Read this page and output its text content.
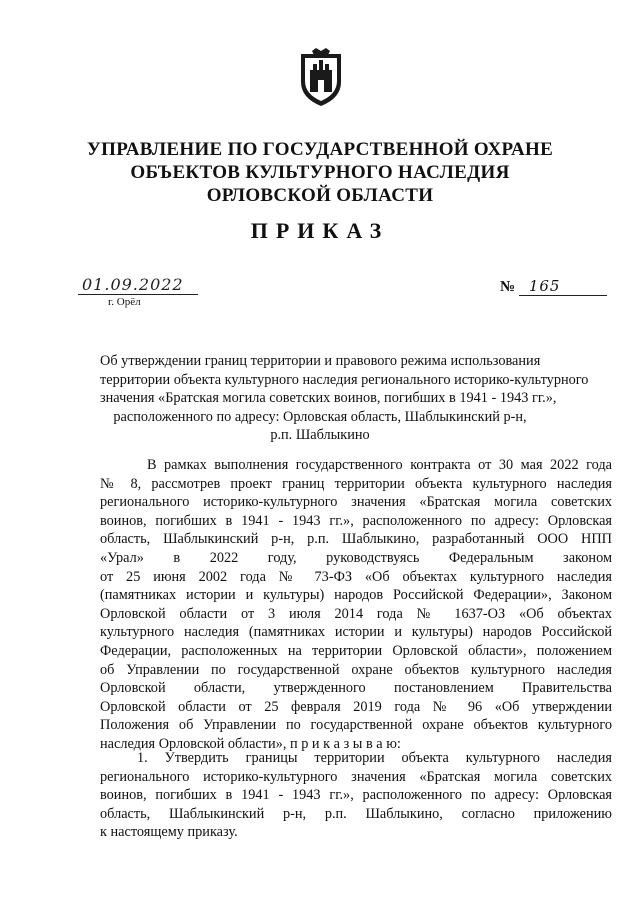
УПРАВЛЕНИЕ ПО ГОСУДАРСТВЕННОЙ ОХРАНЕ
ОБЪЕКТОВ КУЛЬТУРНОГО НАСЛЕДИЯ
ОРЛОВСКОЙ ОБЛАСТИ
ПРИКАЗ
01.09.2022
г. Орёл
№ 165
Об утверждении границ территории и правового режима использования
территории объекта культурного наследия регионального историко-культурного
значения «Братская могила советских воинов, погибших в 1941 - 1943 гг.»,
расположенного по адресу: Орловская область, Шаблыкинский р-н,
р.п. Шаблыкино
В рамках выполнения государственного контракта от 30 мая 2022 года
№ 8, рассмотрев проект границ территории объекта культурного наследия
регионального историко-культурного значения «Братская могила советских
воинов, погибших в 1941 - 1943 гг.», расположенного по адресу: Орловская
область, Шаблыкинский р-н, р.п. Шаблыкино, разработанный ООО НПП
«Урал» в 2022 году, руководствуясь Федеральным законом
от 25 июня 2002 года № 73-ФЗ «Об объектах культурного наследия
(памятниках истории и культуры) народов Российской Федерации», Законом
Орловской области от 3 июля 2014 года № 1637-ОЗ «Об объектах
культурного наследия (памятниках истории и культуры) народов Российской
Федерации, расположенных на территории Орловской области», положением
об Управлении по государственной охране объектов культурного наследия
Орловской области, утвержденного постановлением Правительства
Орловской области от 25 февраля 2019 года № 96 «Об утверждении
Положения об Управлении по государственной охране объектов культурного
наследия Орловской области», п р и к а з ы в а ю:
1. Утвердить границы территории объекта культурного наследия
регионального историко-культурного значения «Братская могила советских
воинов, погибших в 1941 - 1943 гг.», расположенного по адресу: Орловская
область, Шаблыкинский р-н, р.п. Шаблыкино, согласно приложению
к настоящему приказу.
